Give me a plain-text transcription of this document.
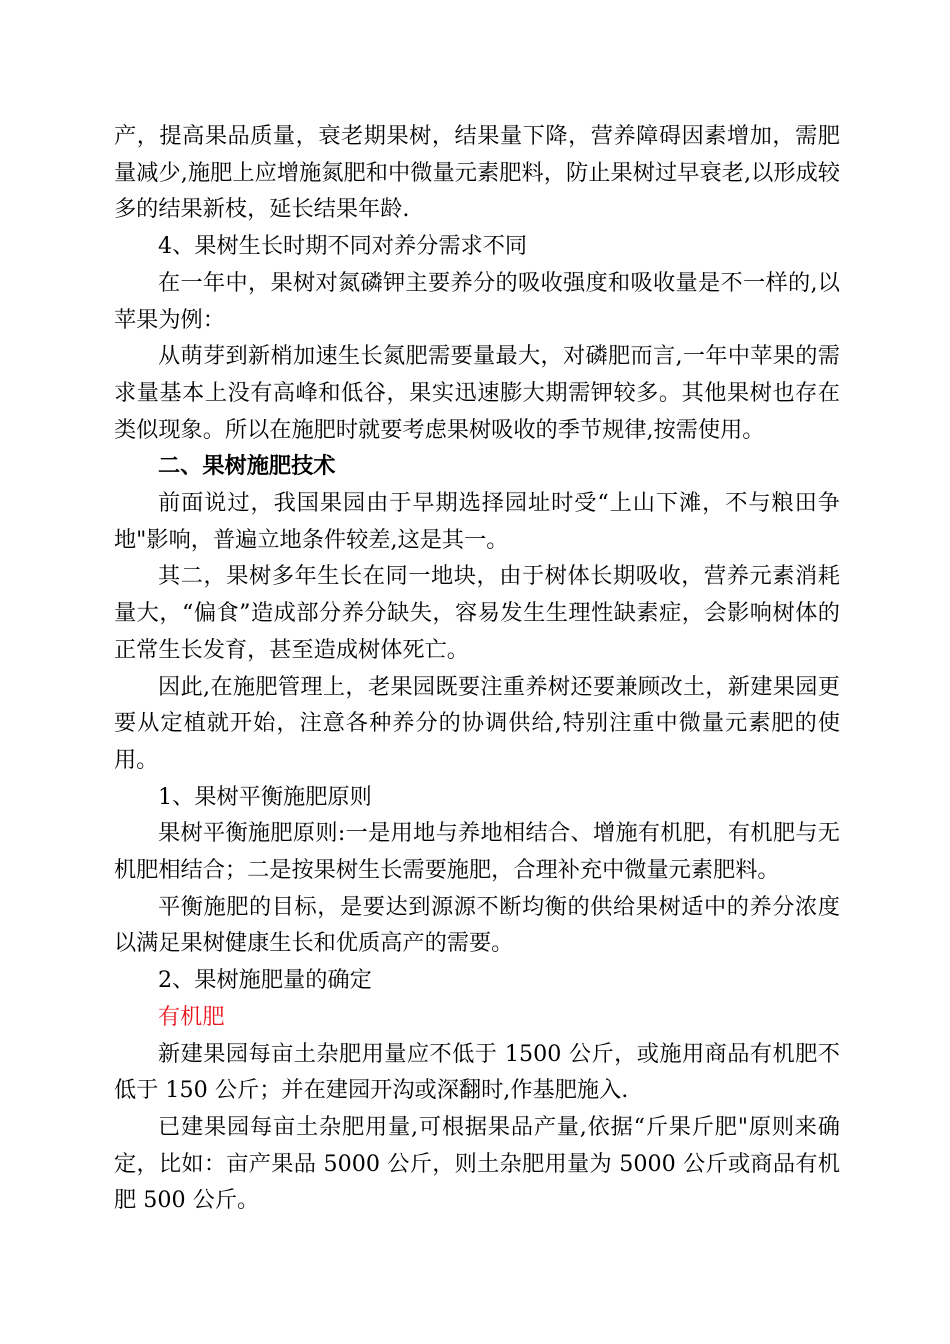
产，提高果品质量，衰老期果树，结果量下降，营养障碍因素增加，需肥量减少,施肥上应增施氮肥和中微量元素肥料，防止果树过早衰老,以形成较多的结果新枝，延长结果年龄.

4、果树生长时期不同对养分需求不同

在一年中，果树对氮磷钾主要养分的吸收强度和吸收量是不一样的,以苹果为例：

从萌芽到新梢加速生长氮肥需要量最大，对磷肥而言,一年中苹果的需求量基本上没有高峰和低谷，果实迅速膨大期需钾较多。其他果树也存在类似现象。所以在施肥时就要考虑果树吸收的季节规律,按需使用。

二、果树施肥技术

前面说过，我国果园由于早期选择园址时受“上山下滩，不与粮田争地"影响，普遍立地条件较差,这是其一。

其二，果树多年生长在同一地块，由于树体长期吸收，营养元素消耗量大，“偏食”造成部分养分缺失，容易发生生理性缺素症，会影响树体的正常生长发育，甚至造成树体死亡。

因此,在施肥管理上，老果园既要注重养树还要兼顾改土，新建果园更要从定植就开始，注意各种养分的协调供给,特别注重中微量元素肥的使用。

1、果树平衡施肥原则

果树平衡施肥原则:一是用地与养地相结合、增施有机肥，有机肥与无机肥相结合；二是按果树生长需要施肥，合理补充中微量元素肥料。

平衡施肥的目标，是要达到源源不断均衡的供给果树适中的养分浓度以满足果树健康生长和优质高产的需要。

2、果树施肥量的确定

有机肥

新建果园每亩土杂肥用量应不低于 1500 公斤，或施用商品有机肥不低于 150 公斤；并在建园开沟或深翻时,作基肥施入.

已建果园每亩土杂肥用量,可根据果品产量,依据“斤果斤肥"原则来确定，比如：亩产果品 5000 公斤，则土杂肥用量为 5000 公斤或商品有机肥 500 公斤。
